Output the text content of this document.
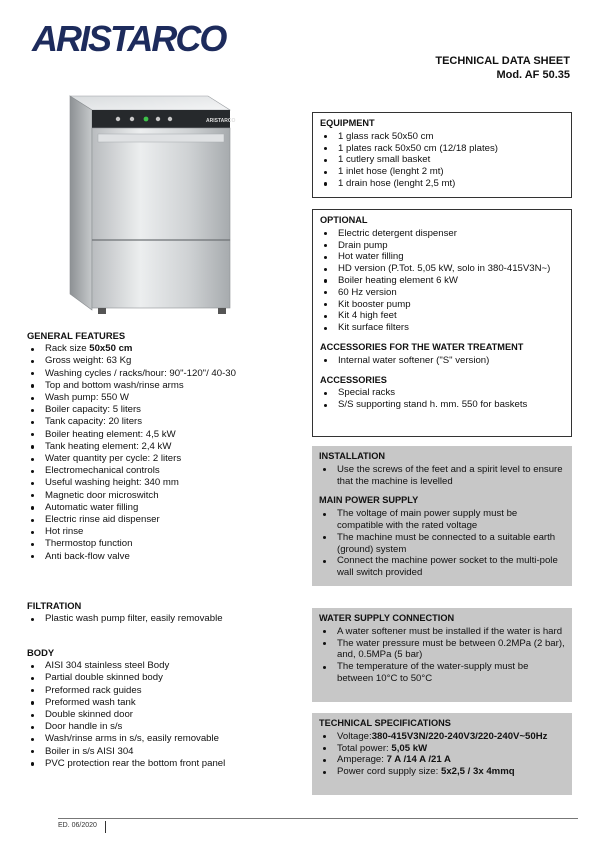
ARISTARCO
TECHNICAL DATA SHEET
Mod. AF 50.35
ARISTARCO
GENERAL FEATURES
Rack size 50x50 cm
Gross weight: 63 Kg
Washing cycles / racks/hour: 90"-120"/ 40-30
Top and bottom wash/rinse arms
Wash pump: 550 W
Boiler capacity: 5 liters
Tank capacity: 20 liters
Boiler heating element: 4,5 kW
Tank heating element: 2,4 kW
Water quantity per cycle: 2 liters
Electromechanical controls
Useful washing height: 340 mm
Magnetic door microswitch
Automatic water filling
Electric rinse aid dispenser
Hot rinse
Thermostop function
Anti back-flow valve
FILTRATION
Plastic wash pump filter, easily removable
BODY
AISI 304 stainless steel Body
Partial double skinned body
Preformed rack guides
Preformed wash tank
Double skinned door
Door handle in s/s
Wash/rinse arms in s/s, easily removable
Boiler in s/s AISI 304
PVC protection rear the bottom front panel
EQUIPMENT
1 glass rack 50x50 cm
1 plates rack 50x50 cm (12/18 plates)
1 cutlery small basket
1 inlet hose (lenght 2 mt)
1 drain hose (lenght 2,5 mt)
OPTIONAL
Electric detergent dispenser
Drain pump
Hot water filling
HD version (P.Tot. 5,05 kW, solo in 380-415V3N~)
Boiler heating element 6 kW
60 Hz version
Kit booster pump
Kit 4 high feet
Kit surface filters
ACCESSORIES FOR THE WATER TREATMENT
Internal water softener ("S" version)
ACCESSORIES
Special racks
S/S supporting stand h. mm. 550 for baskets
INSTALLATION
Use the screws of the feet and a spirit level to ensure that the machine is levelled
MAIN POWER SUPPLY
The voltage of main power supply must be compatible with the rated voltage
The machine must be connected to a suitable earth (ground) system
Connect the machine power socket to the multi-pole wall switch provided
WATER SUPPLY CONNECTION
A water softener must be installed if the water is hard
The water pressure must be between 0.2MPa (2 bar), and, 0.5MPa (5 bar)
The temperature of the water-supply must be between 10°C to 50°C
TECHNICAL SPECIFICATIONS
Voltage:380-415V3N/220-240V3/220-240V~50Hz
Total power: 5,05 kW
Amperage: 7 A /14 A /21 A
Power cord supply size: 5x2,5 / 3x 4mmq
ED. 06/2020
